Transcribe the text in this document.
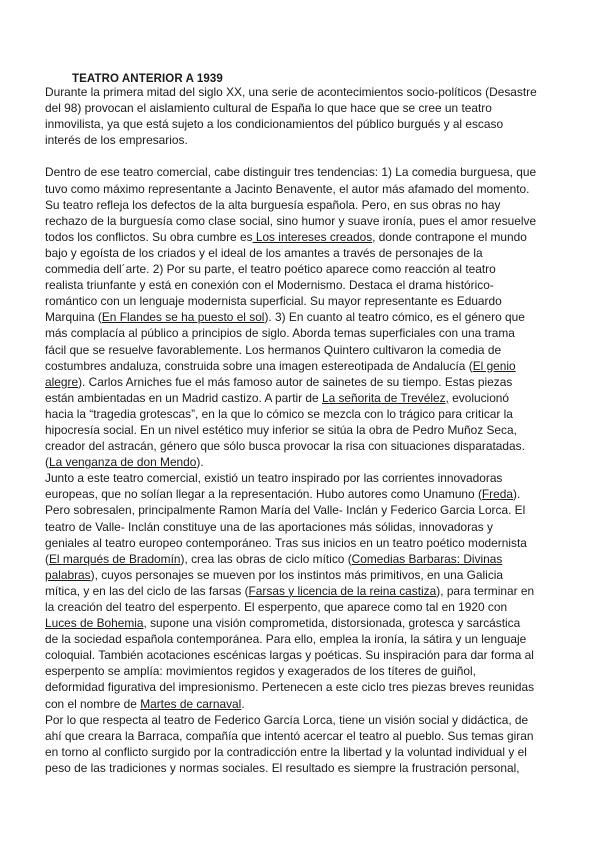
TEATRO ANTERIOR A 1939
Durante la primera mitad del siglo XX, una serie de acontecimientos socio-políticos (Desastre
del 98) provocan el aislamiento cultural de España lo que hace que se cree un teatro
inmovilista, ya que está sujeto a los condicionamientos del público burgués y al escaso
interés de los empresarios.
Dentro de ese teatro comercial, cabe distinguir tres tendencias: 1) La comedia burguesa, que
tuvo como máximo representante a Jacinto Benavente, el autor más afamado del momento.
Su teatro refleja los defectos de la alta burguesía española. Pero, en sus obras no hay
rechazo de la burguesía como clase social, sino humor y suave ironía, pues el amor resuelve
todos los conflictos. Su obra cumbre es Los intereses creados, donde contrapone el mundo
bajo y egoísta de los criados y el ideal de los amantes a través de personajes de la
commedia dell´arte. 2) Por su parte, el teatro poético aparece como reacción al teatro
realista triunfante y está en conexión con el Modernismo. Destaca el drama histórico-
romántico con un lenguaje modernista superficial. Su mayor representante es Eduardo
Marquina (En Flandes se ha puesto el sol). 3) En cuanto al teatro cómico, es el género que
más complacía al público a principios de siglo. Aborda temas superficiales con una trama
fácil que se resuelve favorablemente. Los hermanos Quintero cultivaron la comedia de
costumbres andaluza, construida sobre una imagen estereotipada de Andalucía (El genio
alegre). Carlos Arniches fue el más famoso autor de sainetes de su tiempo. Estas piezas
están ambientadas en un Madrid castizo. A partir de La señorita de Trevélez, evolucionó
hacia la “tragedia grotescas”, en la que lo cómico se mezcla con lo trágico para criticar la
hipocresía social. En un nivel estético muy inferior se sitúa la obra de Pedro Muñoz Seca,
creador del astracán, género que sólo busca provocar la risa con situaciones disparatadas.
(La venganza de don Mendo).
Junto a este teatro comercial, existió un teatro inspirado por las corrientes innovadoras
europeas, que no solían llegar a la representación. Hubo autores como Unamuno (Freda).
Pero sobresalen, principalmente Ramon María del Valle- Inclán y Federico Garcia Lorca. El
teatro de Valle- Inclán constituye una de las aportaciones más sólidas, innovadoras y
geniales al teatro europeo contemporáneo. Tras sus inicios en un teatro poético modernista
(El marqués de Bradomín), crea las obras de ciclo mítico (Comedias Barbaras: Divinas
palabras), cuyos personajes se mueven por los instintos más primitivos, en una Galicia
mítica, y en las del ciclo de las farsas (Farsas y licencia de la reina castiza), para terminar en
la creación del teatro del esperpento. El esperpento, que aparece como tal en 1920 con
Luces de Bohemia, supone una visión comprometida, distorsionada, grotesca y sarcástica
de la sociedad española contemporánea. Para ello, emplea la ironía, la sátira y un lenguaje
coloquial. También acotaciones escénicas largas y poéticas. Su inspiración para dar forma al
esperpento se amplía: movimientos regidos y exagerados de los títeres de guiñol,
deformidad figurativa del impresionismo. Pertenecen a este ciclo tres piezas breves reunidas
con el nombre de Martes de carnaval.
Por lo que respecta al teatro de Federico García Lorca, tiene un visión social y didáctica, de
ahí que creara la Barraca, compañía que intentó acercar el teatro al pueblo. Sus temas giran
en torno al conflicto surgido por la contradicción entre la libertad y la voluntad individual y el
peso de las tradiciones y normas sociales. El resultado es siempre la frustración personal,
